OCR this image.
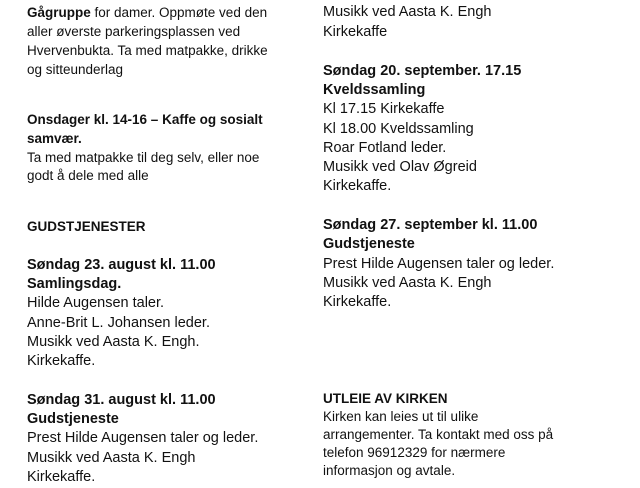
Gågruppe for damer. Oppmøte ved den
aller øverste parkeringsplassen ved
Hvervenbukta. Ta med matpakke, drikke
og sitteunderlag
Onsdager kl. 14-16 – Kaffe og sosialt
samvær.
Ta med matpakke til deg selv, eller noe
godt å dele med alle
GUDSTJENESTER
Søndag 23. august kl. 11.00
Samlingsdag.
Hilde Augensen taler.
Anne-Brit L. Johansen leder.
Musikk ved Aasta K. Engh.
Kirkekaffe.
Søndag 31. august kl. 11.00
Gudstjeneste
Prest Hilde Augensen taler og leder.
Musikk ved Aasta K. Engh
Kirkekaffe.
Musikk ved Aasta K. Engh
Kirkekaffe
Søndag 20. september. 17.15
Kveldssamling
Kl 17.15 Kirkekaffe
Kl 18.00 Kveldssamling
Roar Fotland leder.
Musikk ved Olav Øgreid
Kirkekaffe.
Søndag 27. september kl. 11.00
Gudstjeneste
Prest Hilde Augensen taler og leder.
Musikk ved Aasta K. Engh
Kirkekaffe.
UTLEIE AV KIRKEN
Kirken kan leies ut til ulike
arrangementer. Ta kontakt med oss på
telefon 96912329 for nærmere
informasjon og avtale.
